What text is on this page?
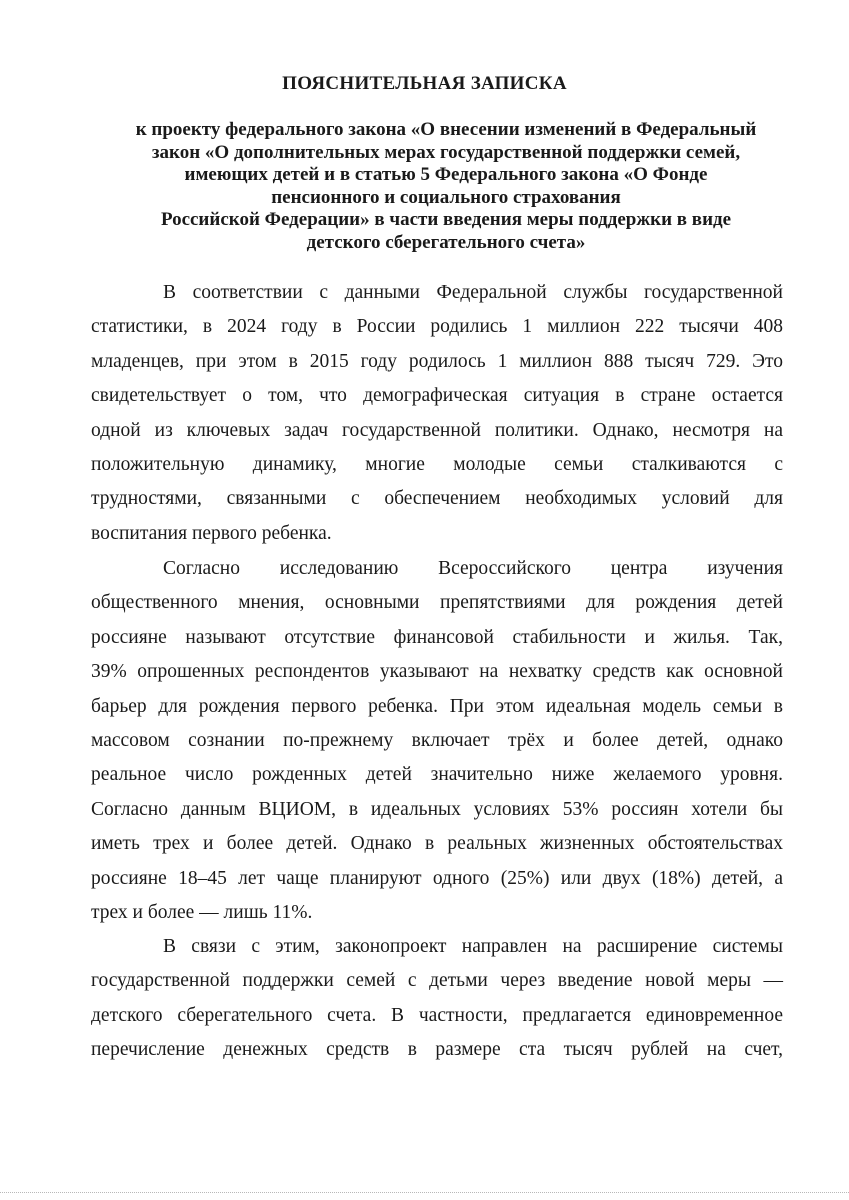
ПОЯСНИТЕЛЬНАЯ ЗАПИСКА
к проекту федерального закона «О внесении изменений в Федеральный
закон «О дополнительных мерах государственной поддержки семей,
имеющих детей и в статью 5 Федерального закона «О Фонде
пенсионного и социального страхования
Российской Федерации» в части введения меры поддержки в виде
детского сберегательного счета»
В соответствии с данными Федеральной службы государственной
статистики, в 2024 году в России родились 1 миллион 222 тысячи 408
младенцев, при этом в 2015 году родилось 1 миллион 888 тысяч 729. Это
свидетельствует о том, что демографическая ситуация в стране остается
одной из ключевых задач государственной политики. Однако, несмотря на
положительную динамику, многие молодые семьи сталкиваются с
трудностями, связанными с обеспечением необходимых условий для
воспитания первого ребенка.
Согласно исследованию Всероссийского центра изучения
общественного мнения, основными препятствиями для рождения детей
россияне называют отсутствие финансовой стабильности и жилья. Так,
39% опрошенных респондентов указывают на нехватку средств как основной
барьер для рождения первого ребенка. При этом идеальная модель семьи в
массовом сознании по-прежнему включает трёх и более детей, однако
реальное число рожденных детей значительно ниже желаемого уровня.
Согласно данным ВЦИОМ, в идеальных условиях 53% россиян хотели бы
иметь трех и более детей. Однако в реальных жизненных обстоятельствах
россияне 18–45 лет чаще планируют одного (25%) или двух (18%) детей, а
трех и более — лишь 11%.
В связи с этим, законопроект направлен на расширение системы
государственной поддержки семей с детьми через введение новой меры —
детского сберегательного счета. В частности, предлагается единовременное
перечисление денежных средств в размере ста тысяч рублей на счет,
